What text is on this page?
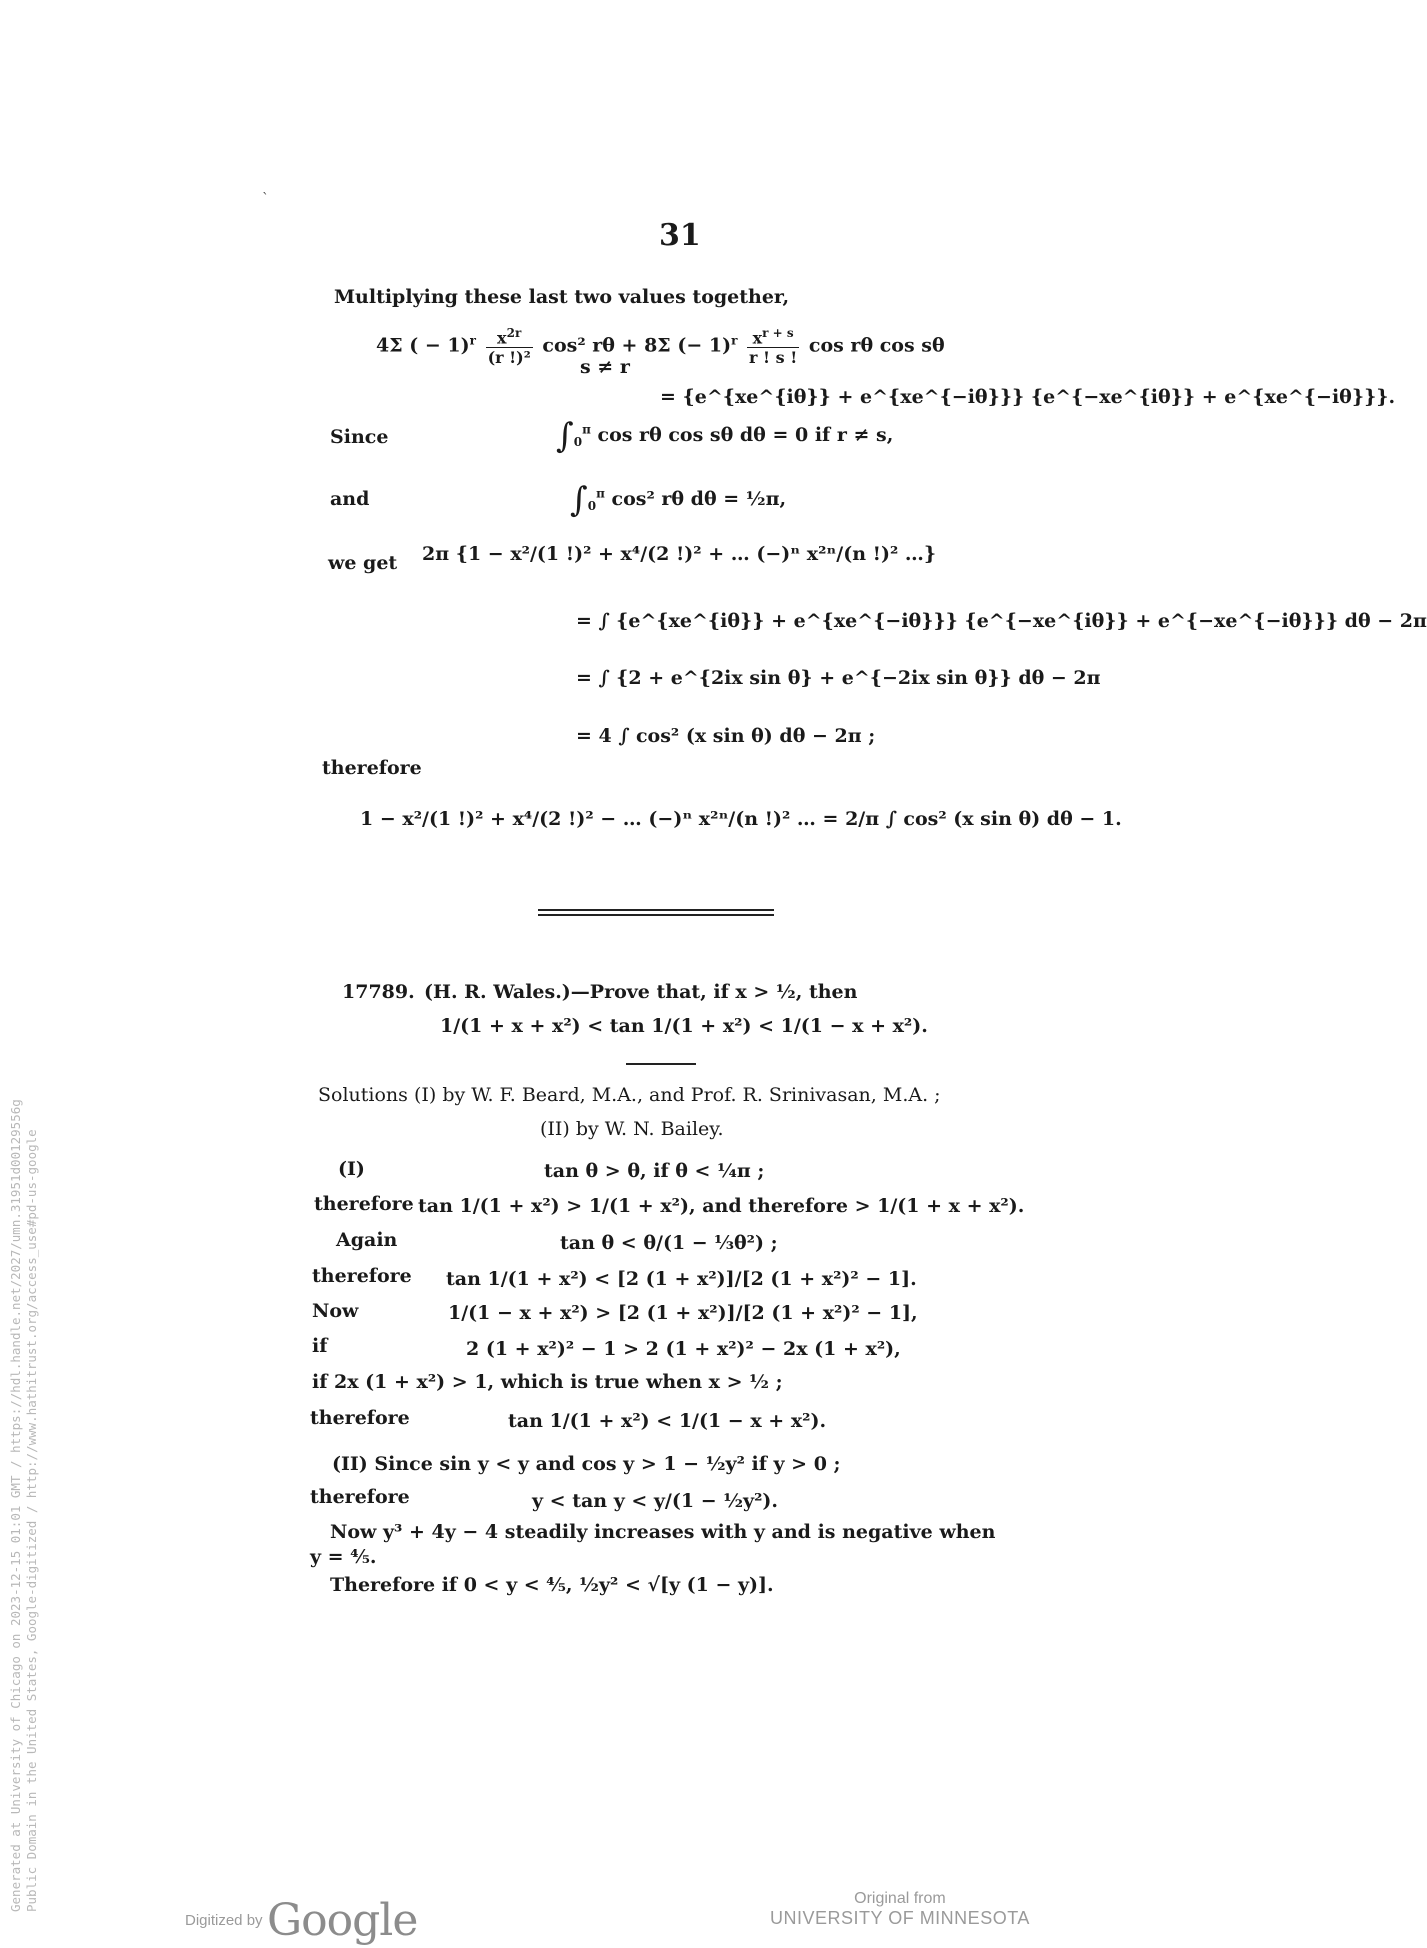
`
31
Multiplying these last two values together,
4Σ ( − $1)^r \frac{x^{2r}}{\text{(r !)²}} \cos^2$ rθ + 8Σ (− $1)^r \frac{x^{r + s}}{r ! s !}$ cos rθ cos sθ
s ≠ r
= {e^{xe^{iθ}} + e^{xe^{−iθ}}} {e^{−xe^{iθ}} + e^{xe^{−iθ}}}.
Since	$\int_0^\pi$ cos rθ cos sθ dθ = 0 if r ≠ s,
and	$\int_0^\pi$ cos² rθ dθ = ½π,
we get 2π {1 − x²/(1 !)² + x⁴/(2 !)² + … (−)ⁿ x²ⁿ/(n !)² …}
= ∫ {e^{xe^{iθ}} + e^{xe^{−iθ}}} {e^{−xe^{iθ}} + e^{−xe^{−iθ}}} dθ − 2π
= ∫ {2 + e^{2ix sin θ} + e^{−2ix sin θ}} dθ − 2π
= 4 ∫ cos² (x sin θ) dθ − 2π ;
therefore
1 − x²/(1 !)² + x⁴/(2 !)² − … (−)ⁿ x²ⁿ/(n !)² … = 2/π ∫ cos² (x sin θ) dθ − 1.
17789. (H. R. Wales.)—Prove that, if x > ½, then
1/(1 + x + x²) < tan 1/(1 + x²) < 1/(1 − x + x²).
Solutions (I) by W. F. Beard, M.A., and Prof. R. Srinivasan, M.A. ;
(II) by W. N. Bailey.
(I)	tan θ > θ, if θ < ¼π ;
therefore tan 1/(1 + x²) > 1/(1 + x²), and therefore > 1/(1 + x + x²).
Again	tan θ < θ/(1 − ⅓θ²) ;
therefore tan 1/(1 + x²) < [2 (1 + x²)]/[2 (1 + x²)² − 1].
Now	1/(1 − x + x²) > [2 (1 + x²)]/[2 (1 + x²)² − 1],
if	2 (1 + x²)² − 1 > 2 (1 + x²)² − 2x (1 + x²),
if 2x (1 + x²) > 1, which is true when x > ½ ;
therefore	tan 1/(1 + x²) < 1/(1 − x + x²).
(II) Since sin y < y and cos y > 1 − ½y² if y > 0 ;
therefore	y < tan y < y/(1 − ½y²).
Now y³ + 4y − 4 steadily increases with y and is negative when
y = ⅘.
Therefore if 0 < y < ⅘, ½y² < √[y (1 − y)].
Generated at University of Chicago on 2023-12-15 01:01 GMT / https://hdl.handle.net/2027/umn.31951d00129556g Public Domain in the United States, Google-digitized / http://www.hathitrust.org/access_use#pd-us-google
Digitized by Google	Original from
UNIVERSITY OF MINNESOTA
